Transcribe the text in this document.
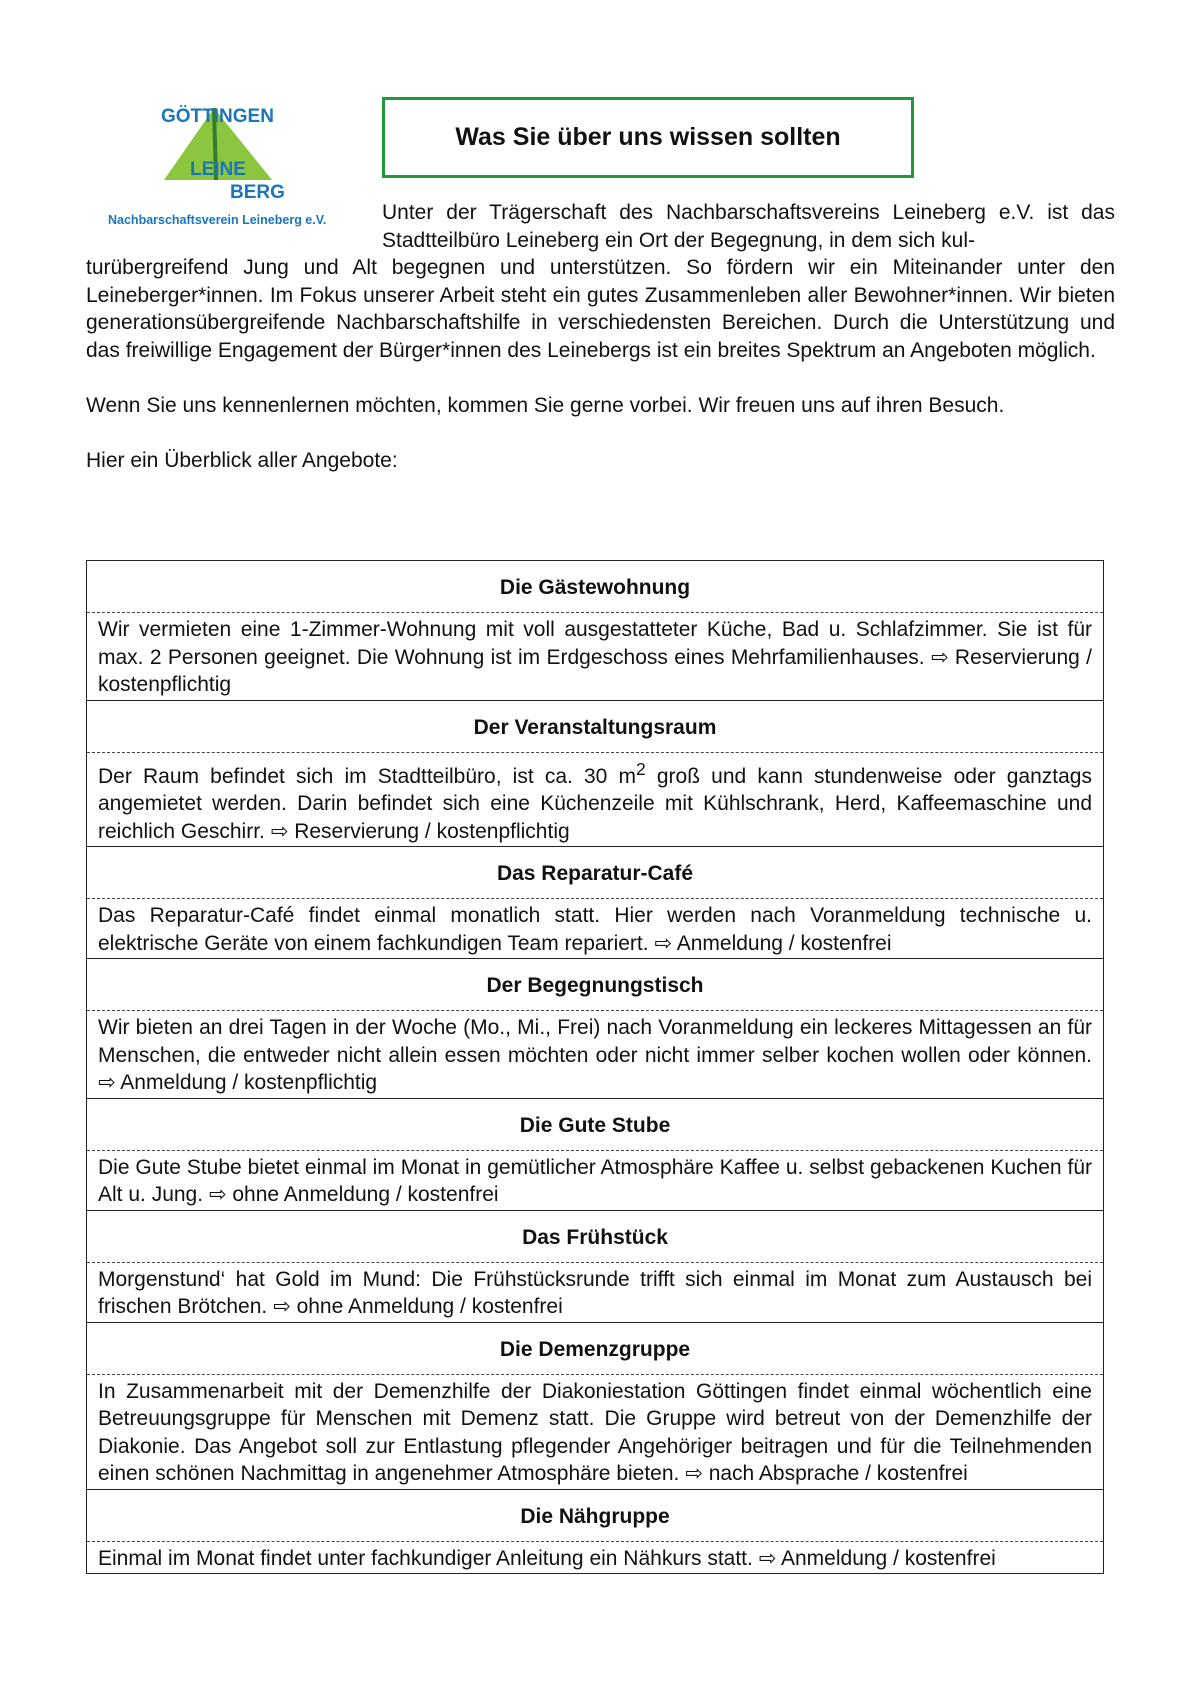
GÖTTINGEN
LEINE
BERG
Nachbarschaftsverein Leineberg e.V.
Was Sie über uns wissen sollten
Unter der Trägerschaft des Nachbarschaftsvereins Leineberg e.V. ist das Stadtteilbüro Leineberg ein Ort der Begegnung, in dem sich kul-

turübergreifend Jung und Alt begegnen und unterstützen. So fördern wir ein Miteinander unter den Leineberger*innen. Im Fokus unserer Arbeit steht ein gutes Zusammenleben aller Bewohner*innen. Wir bieten generationsübergreifende Nachbarschaftshilfe in verschiedensten Bereichen. Durch die Unterstützung und das freiwillige Engagement der Bürger*innen des Leinebergs ist ein breites Spektrum an Angeboten möglich.

Wenn Sie uns kennenlernen möchten, kommen Sie gerne vorbei. Wir freuen uns auf ihren Besuch.

Hier ein Überblick aller Angebote:

Die Gästewohnung
Wir vermieten eine 1-Zimmer-Wohnung mit voll ausgestatteter Küche, Bad u. Schlafzimmer. Sie ist für max. 2 Personen geeignet. Die Wohnung ist im Erdgeschoss eines Mehrfamilienhauses. ⇨ Reservierung / kostenpflichtig
Der Veranstaltungsraum
Der Raum befindet sich im Stadtteilbüro, ist ca. 30 $m^2$ groß und kann stundenweise oder ganztags angemietet werden. Darin befindet sich eine Küchenzeile mit Kühlschrank, Herd, Kaffeemaschine und reichlich Geschirr. ⇨ Reservierung / kostenpflichtig
Das Reparatur-Café
Das Reparatur-Café findet einmal monatlich statt. Hier werden nach Voranmeldung technische u. elektrische Geräte von einem fachkundigen Team repariert. ⇨ Anmeldung / kostenfrei
Der Begegnungstisch
Wir bieten an drei Tagen in der Woche (Mo., Mi., Frei) nach Voranmeldung ein leckeres Mittagessen an für Menschen, die entweder nicht allein essen möchten oder nicht immer selber kochen wollen oder können. ⇨ Anmeldung / kostenpflichtig
Die Gute Stube
Die Gute Stube bietet einmal im Monat in gemütlicher Atmosphäre Kaffee u. selbst gebackenen Kuchen für Alt u. Jung. ⇨ ohne Anmeldung / kostenfrei
Das Frühstück
Morgenstund‘ hat Gold im Mund: Die Frühstücksrunde trifft sich einmal im Monat zum Austausch bei frischen Brötchen. ⇨ ohne Anmeldung / kostenfrei
Die Demenzgruppe
In Zusammenarbeit mit der Demenzhilfe der Diakoniestation Göttingen findet einmal wöchentlich eine Betreuungsgruppe für Menschen mit Demenz statt. Die Gruppe wird betreut von der Demenzhilfe der Diakonie. Das Angebot soll zur Entlastung pflegender Angehöriger beitragen und für die Teilnehmenden einen schönen Nachmittag in angenehmer Atmosphäre bieten. ⇨ nach Absprache / kostenfrei
Die Nähgruppe
Einmal im Monat findet unter fachkundiger Anleitung ein Nähkurs statt. ⇨ Anmeldung / kostenfrei
